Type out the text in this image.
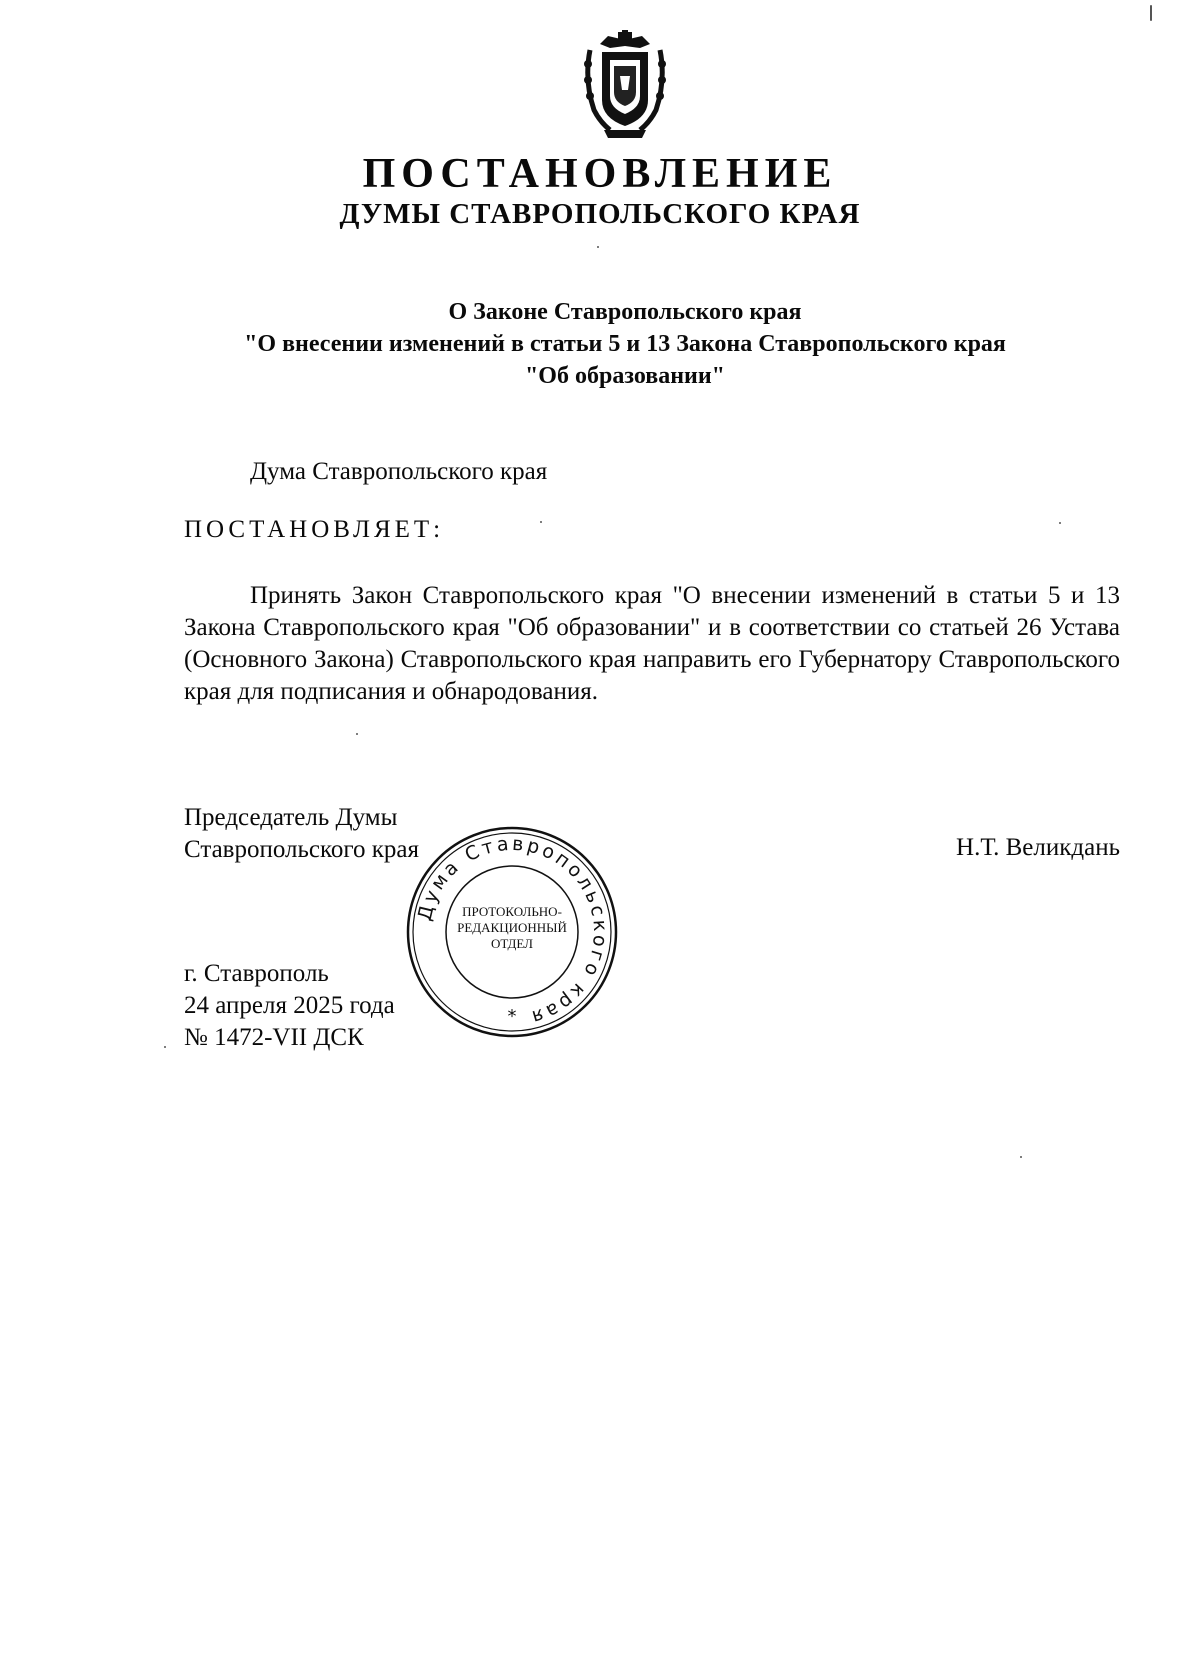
ПОСТАНОВЛЕНИЕ
ДУМЫ СТАВРОПОЛЬСКОГО КРАЯ
О Законе Ставропольского края
"О внесении изменений в статьи 5 и 13 Закона Ставропольского края
"Об образовании"
Дума Ставропольского края
ПОСТАНОВЛЯЕТ:
Принять Закон Ставропольского края "О внесении изменений в статьи 5 и 13 Закона Ставропольского края "Об образовании" и в соответствии со статьей 26 Устава (Основного Закона) Ставропольского края направить его Губернатору Ставропольского края для подписания и обнародования.
Председатель Думы
Ставропольского края	Н.Т. Великдань
г. Ставрополь
24 апреля 2025 года
№ 1472-VII ДСК
Дума Ставропольского края
ПРОТОКОЛЬНО-
РЕДАКЦИОННЫЙ
ОТДЕЛ
*
